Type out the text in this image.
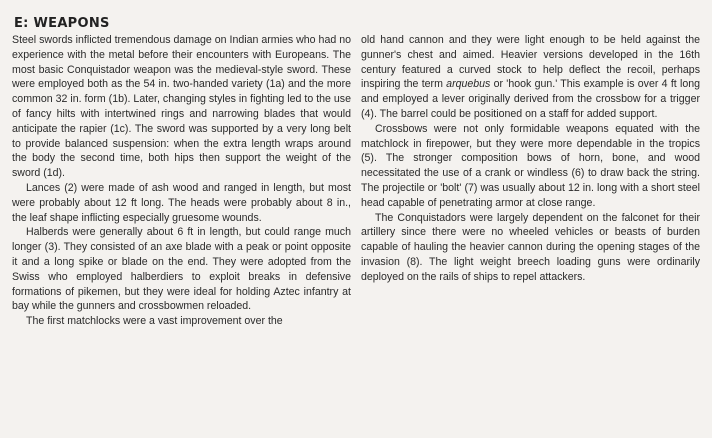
E: WEAPONS

Steel swords inflicted tremendous damage on Indian armies who had no experience with the metal before their encounters with Europeans. The most basic Conquistador weapon was the medieval-style sword. These were employed both as the 54 in. two-handed variety (1a) and the more common 32 in. form (1b). Later, changing styles in fighting led to the use of fancy hilts with intertwined rings and narrowing blades that would anticipate the rapier (1c). The sword was supported by a very long belt to provide balanced suspension: when the extra length wraps around the body the second time, both hips then support the weight of the sword (1d).

Lances (2) were made of ash wood and ranged in length, but most were probably about 12 ft long. The heads were probably about 8 in., the leaf shape inflicting especially gruesome wounds.

Halberds were generally about 6 ft in length, but could range much longer (3). They consisted of an axe blade with a peak or point opposite it and a long spike or blade on the end. They were adopted from the Swiss who employed halberdiers to exploit breaks in defensive formations of pikemen, but they were ideal for holding Aztec infantry at bay while the gunners and crossbowmen reloaded.

The first matchlocks were a vast improvement over the

old hand cannon and they were light enough to be held against the gunner's chest and aimed. Heavier versions developed in the 16th century featured a curved stock to help deflect the recoil, perhaps inspiring the term arquebus or 'hook gun.' This example is over 4 ft long and employed a lever originally derived from the crossbow for a trigger (4). The barrel could be positioned on a staff for added support.

Crossbows were not only formidable weapons equated with the matchlock in firepower, but they were more dependable in the tropics (5). The stronger composition bows of horn, bone, and wood necessitated the use of a crank or windless (6) to draw back the string. The projectile or 'bolt' (7) was usually about 12 in. long with a short steel head capable of penetrating armor at close range.

The Conquistadors were largely dependent on the falconet for their artillery since there were no wheeled vehicles or beasts of burden capable of hauling the heavier cannon during the opening stages of the invasion (8). The light weight breech loading guns were ordinarily deployed on the rails of ships to repel attackers.
